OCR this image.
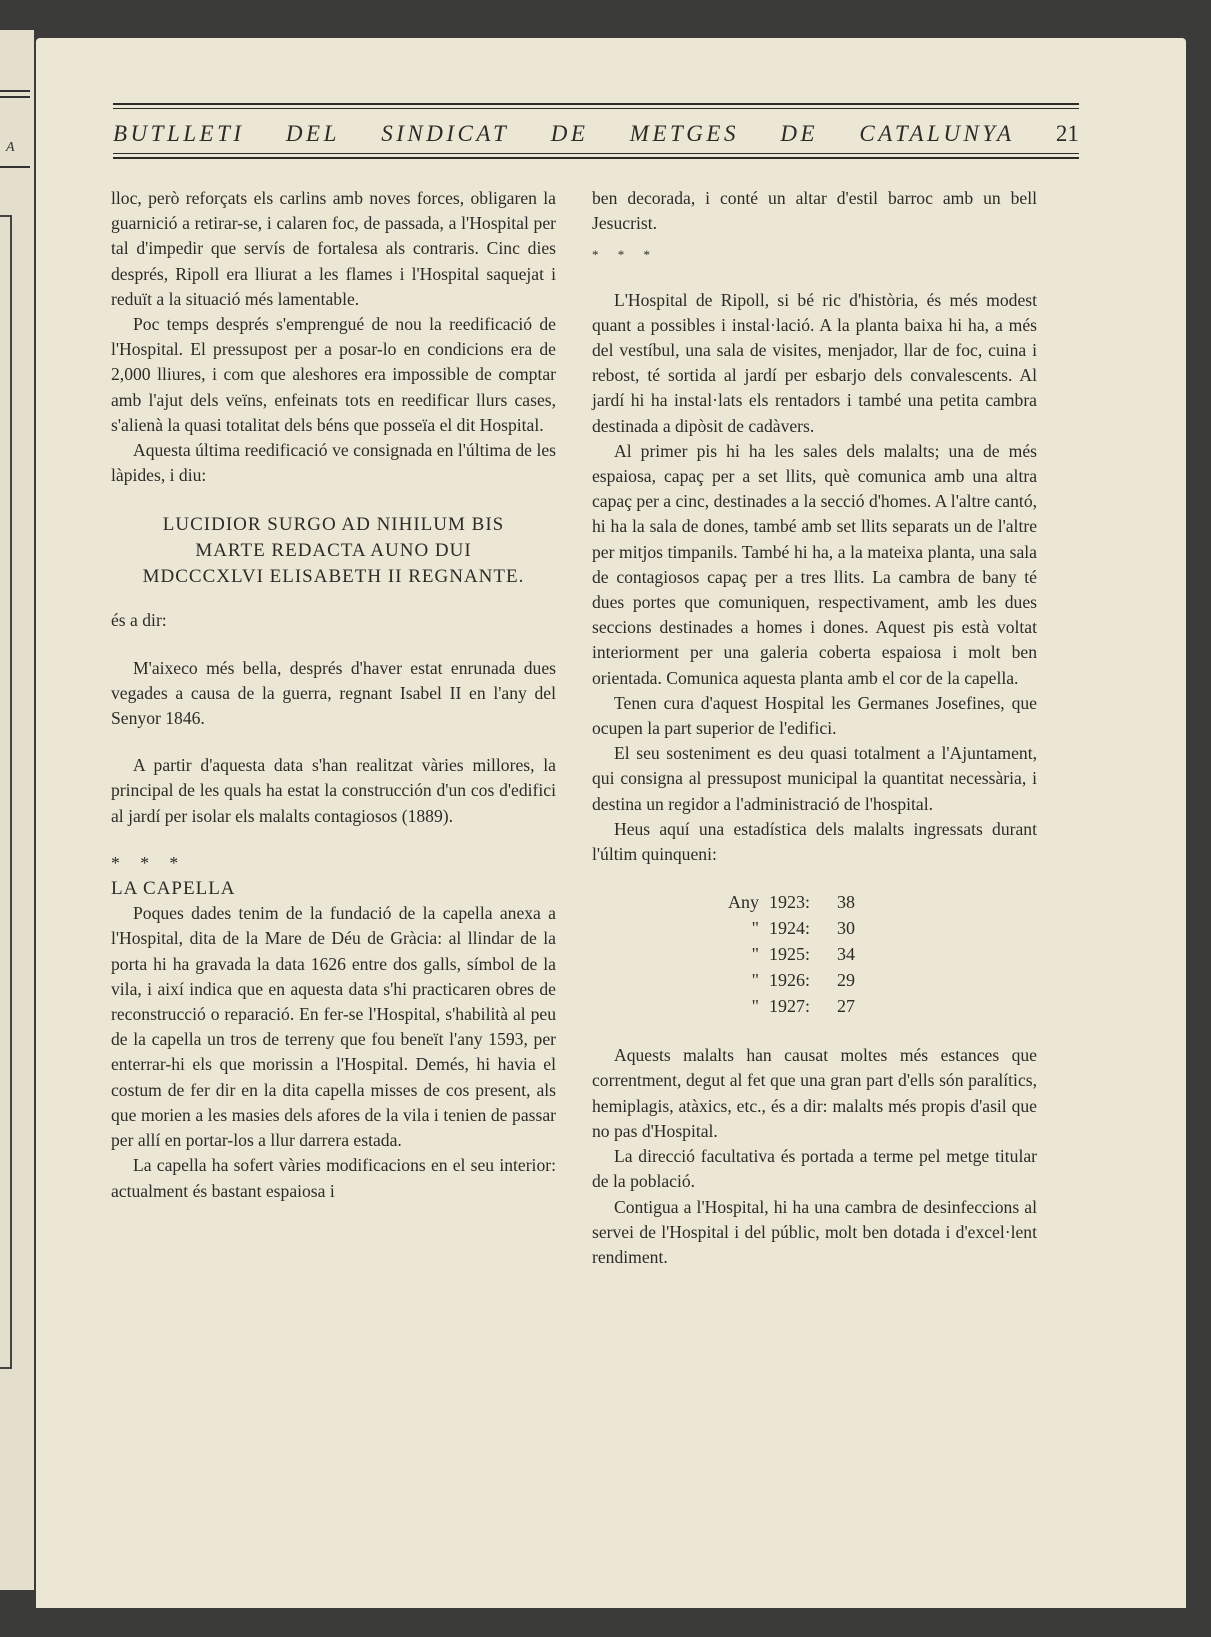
A
BUTLLETI DEL SINDICAT DE METGES DE CATALUNYA 21

lloc, però reforçats els carlins amb noves forces, obligaren la guarnició a retirar-se, i calaren foc, de passada, a l'Hospital per tal d'impedir que servís de fortalesa als contraris. Cinc dies després, Ripoll era lliurat a les flames i l'Hospital saquejat i reduït a la situació més lamentable.

Poc temps després s'emprengué de nou la reedificació de l'Hospital. El pressupost per a posar-lo en condicions era de 2,000 lliures, i com que aleshores era impossible de comptar amb l'ajut dels veïns, enfeinats tots en reedificar llurs cases, s'alienà la quasi totalitat dels béns que posseïa el dit Hospital.

Aquesta última reedificació ve consignada en l'última de les làpides, i diu:

LUCIDIOR SURGO AD NIHILUM BIS
MARTE REDACTA AUNO DUI
MDCCCXLVI ELISABETH II REGNANTE.

és a dir:

M'aixeco més bella, després d'haver estat enrunada dues vegades a causa de la guerra, regnant Isabel II en l'any del Senyor 1846.

A partir d'aquesta data s'han realitzat vàries millores, la principal de les quals ha estat la construcción d'un cos d'edifici al jardí per isolar els malalts contagiosos (1889).

* * *

LA CAPELLA

Poques dades tenim de la fundació de la capella anexa a l'Hospital, dita de la Mare de Déu de Gràcia: al llindar de la porta hi ha gravada la data 1626 entre dos galls, símbol de la vila, i així indica que en aquesta data s'hi practicaren obres de reconstrucció o reparació. En fer-se l'Hospital, s'habilità al peu de la capella un tros de terreny que fou beneït l'any 1593, per enterrar-hi els que morissin a l'Hospital. Demés, hi havia el costum de fer dir en la dita capella misses de cos present, als que morien a les masies dels afores de la vila i tenien de passar per allí en portar-los a llur darrera estada.

La capella ha sofert vàries modificacions en el seu interior: actualment és bastant espaiosa i

ben decorada, i conté un altar d'estil barroc amb un bell Jesucrist.

* * *

L'Hospital de Ripoll, si bé ric d'història, és més modest quant a possibles i instal·lació. A la planta baixa hi ha, a més del vestíbul, una sala de visites, menjador, llar de foc, cuina i rebost, té sortida al jardí per esbarjo dels convalescents. Al jardí hi ha instal·lats els rentadors i també una petita cambra destinada a dipòsit de cadàvers.

Al primer pis hi ha les sales dels malalts; una de més espaiosa, capaç per a set llits, què comunica amb una altra capaç per a cinc, destinades a la secció d'homes. A l'altre cantó, hi ha la sala de dones, també amb set llits separats un de l'altre per mitjos timpanils. També hi ha, a la mateixa planta, una sala de contagiosos capaç per a tres llits. La cambra de bany té dues portes que comuniquen, respectivament, amb les dues seccions destinades a homes i dones. Aquest pis està voltat interiorment per una galeria coberta espaiosa i molt ben orientada. Comunica aquesta planta amb el cor de la capella.

Tenen cura d'aquest Hospital les Germanes Josefines, que ocupen la part superior de l'edifici.

El seu sosteniment es deu quasi totalment a l'Ajuntament, qui consigna al pressupost municipal la quantitat necessària, i destina un regidor a l'administració de l'hospital.

Heus aquí una estadística dels malalts ingressats durant l'últim quinqueni:

Any 1923:	38
" 1924:	30
" 1925:	34
" 1926:	29
" 1927:	27

Aquests malalts han causat moltes més estances que correntment, degut al fet que una gran part d'ells són paralítics, hemiplagis, atàxics, etc., és a dir: malalts més propis d'asil que no pas d'Hospital.

La direcció facultativa és portada a terme pel metge titular de la població.

Contigua a l'Hospital, hi ha una cambra de desinfeccions al servei de l'Hospital i del públic, molt ben dotada i d'excel·lent rendiment.
